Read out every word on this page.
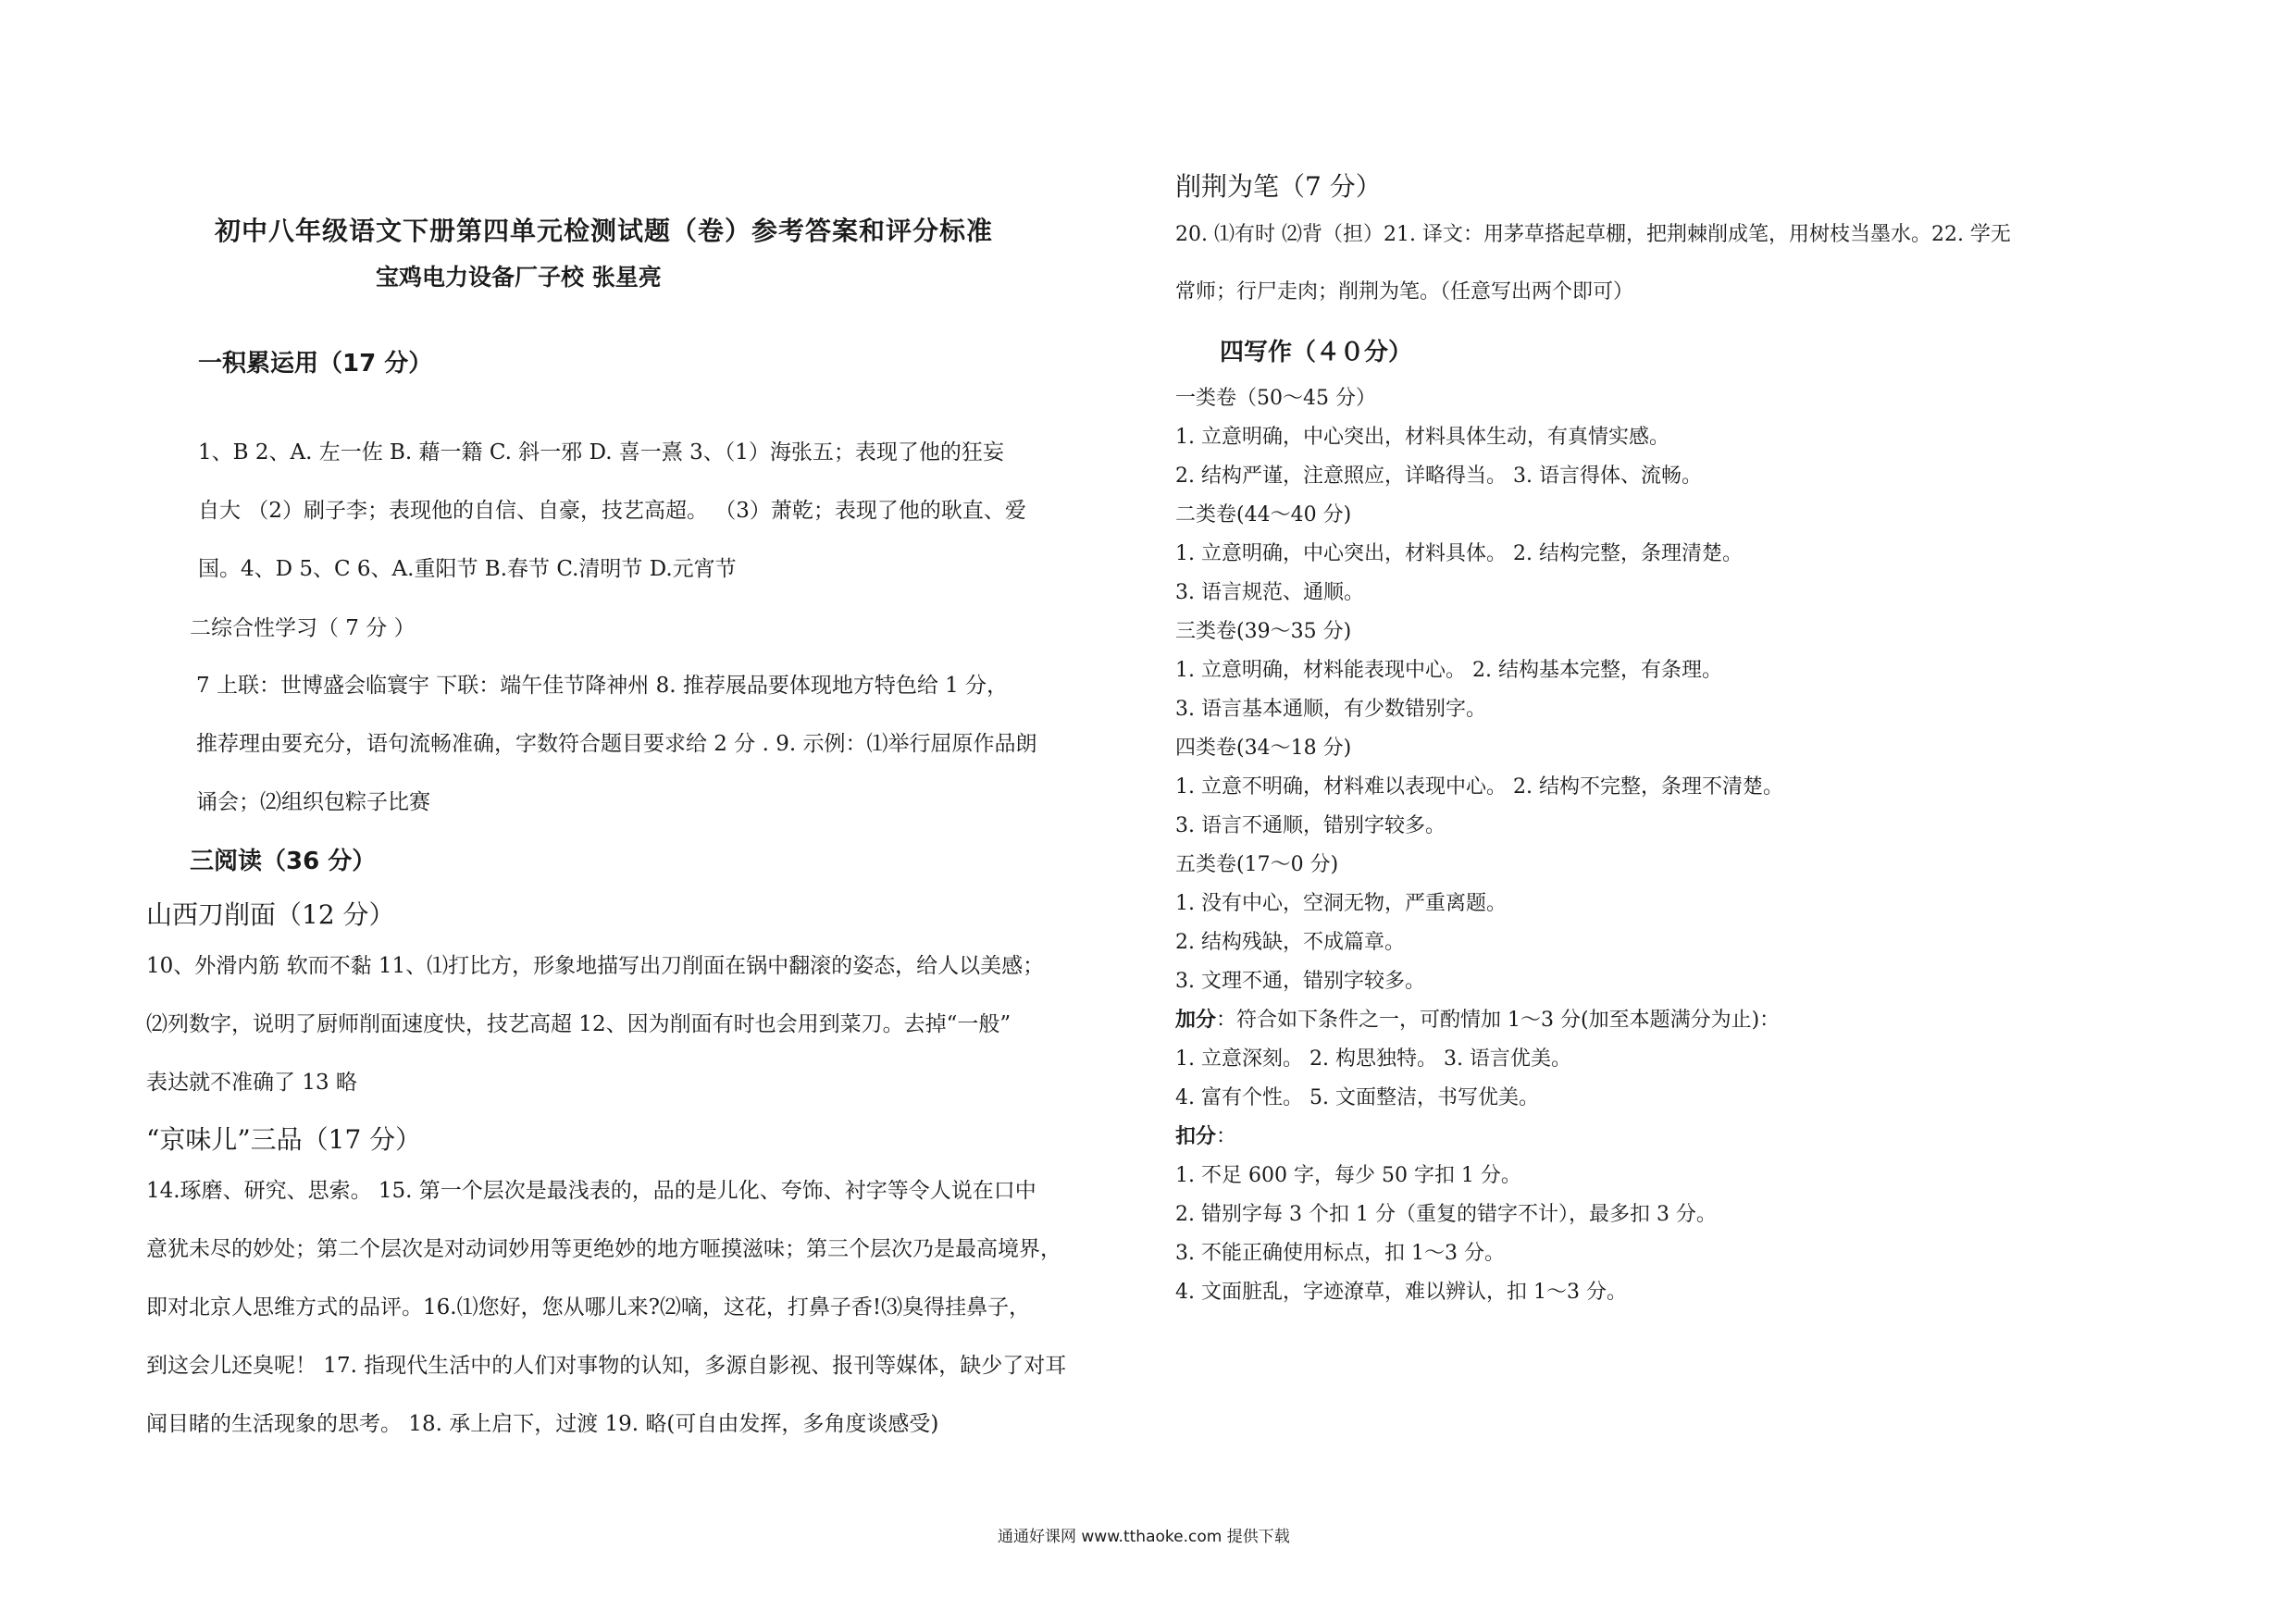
初中八年级语文下册第四单元检测试题（卷）参考答案和评分标准
宝鸡电力设备厂子校 张星亮
一积累运用（17 分）
1、B 2、A. 左一佐 B. 藉一籍 C. 斜一邪 D. 喜一熹 3、（1）海张五；表现了他的狂妄
自大 （2）刷子李；表现他的自信、自豪，技艺高超。 （3）萧乾；表现了他的耿直、爱
国。4、D 5、C 6、A.重阳节 B.春节 C.清明节 D.元宵节
二综合性学习（ 7 分 ）
7 上联：世博盛会临寰宇 下联：端午佳节降神州 8. 推荐展品要体现地方特色给 1 分，
推荐理由要充分，语句流畅准确，字数符合题目要求给 2 分 . 9. 示例：⑴举行屈原作品朗
诵会；⑵组织包粽子比赛
三阅读（36 分）
山西刀削面（12 分）
10、外滑内筋 软而不黏 11、⑴打比方，形象地描写出刀削面在锅中翻滚的姿态，给人以美感；
⑵列数字，说明了厨师削面速度快，技艺高超 12、因为削面有时也会用到菜刀。去掉“一般”
表达就不准确了 13 略
“京味儿”三品（17 分）
14.琢磨、研究、思索。 15. 第一个层次是最浅表的，品的是儿化、夸饰、衬字等令人说在口中
意犹未尽的妙处；第二个层次是对动词妙用等更绝妙的地方咂摸滋味；第三个层次乃是最高境界，
即对北京人思维方式的品评。16.⑴您好，您从哪儿来?⑵嘀，这花，打鼻子香!⑶臭得挂鼻子，
到这会儿还臭呢！ 17. 指现代生活中的人们对事物的认知，多源自影视、报刊等媒体，缺少了对耳
闻目睹的生活现象的思考。 18. 承上启下，过渡 19. 略(可自由发挥，多角度谈感受)
削荆为笔（7 分）
20. ⑴有时 ⑵背（担）21. 译文：用茅草搭起草棚，把荆棘削成笔，用树枝当墨水。22. 学无
常师；行尸走肉；削荆为笔。（任意写出两个即可）
四写作（４０分）
一类卷（50～45 分）
1. 立意明确，中心突出，材料具体生动，有真情实感。
2. 结构严谨，注意照应，详略得当。 3. 语言得体、流畅。
二类卷(44～40 分)
1. 立意明确，中心突出，材料具体。 2. 结构完整，条理清楚。
3. 语言规范、通顺。
三类卷(39～35 分)
1. 立意明确，材料能表现中心。 2. 结构基本完整，有条理。
3. 语言基本通顺，有少数错别字。
四类卷(34～18 分)
1. 立意不明确，材料难以表现中心。 2. 结构不完整，条理不清楚。
3. 语言不通顺，错别字较多。
五类卷(17～0 分)
1. 没有中心，空洞无物，严重离题。
2. 结构残缺，不成篇章。
3. 文理不通，错别字较多。
加分：符合如下条件之一，可酌情加 1～3 分(加至本题满分为止)：
1. 立意深刻。 2. 构思独特。 3. 语言优美。
4. 富有个性。 5. 文面整洁，书写优美。
扣分：
1. 不足 600 字，每少 50 字扣 1 分。
2. 错别字每 3 个扣 1 分（重复的错字不计），最多扣 3 分。
3. 不能正确使用标点，扣 1～3 分。
4. 文面脏乱，字迹潦草，难以辨认，扣 1～3 分。
通通好课网 www.tthaoke.com 提供下载
